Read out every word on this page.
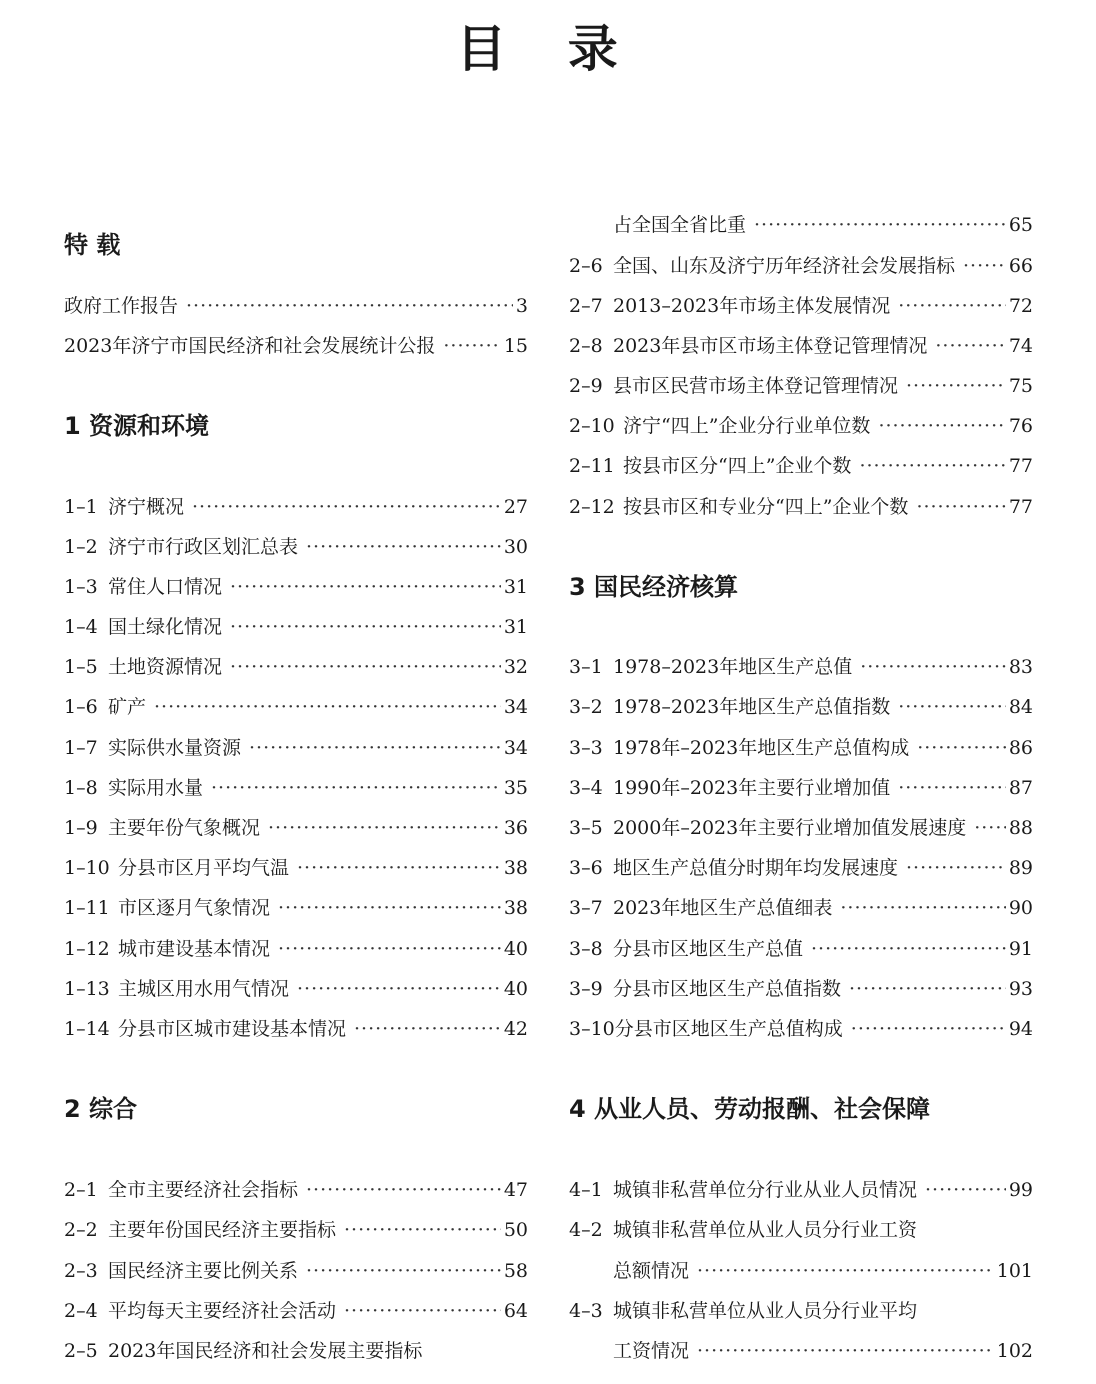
目 录
特 载
政府工作报告 ·····	3
2023年济宁市国民经济和社会发展统计公报 ·····	15
1 资源和环境
1–1 济宁概况 ·····	27
1–2 济宁市行政区划汇总表 ·····	30
1–3 常住人口情况 ·····	31
1–4 国土绿化情况 ·····	31
1–5 土地资源情况 ·····	32
1–6 矿产 ·····	34
1–7 实际供水量资源 ·····	34
1–8 实际用水量 ·····	35
1–9 主要年份气象概况 ·····	36
1–10 分县市区月平均气温 ·····	38
1–11 市区逐月气象情况 ·····	38
1–12 城市建设基本情况 ·····	40
1–13 主城区用水用气情况 ·····	40
1–14 分县市区城市建设基本情况 ·····	42
2 综合
2–1 全市主要经济社会指标 ·····	47
2–2 主要年份国民经济主要指标 ·····	50
2–3 国民经济主要比例关系 ·····	58
2–4 平均每天主要经济社会活动 ·····	64
2–5 2023年国民经济和社会发展主要指标
占全国全省比重 ·····	65
2–6 全国、山东及济宁历年经济社会发展指标 ·····	66
2–7 2013–2023年市场主体发展情况 ·····	72
2–8 2023年县市区市场主体登记管理情况 ·····	74
2–9 县市区民营市场主体登记管理情况 ·····	75
2–10 济宁“四上”企业分行业单位数 ·····	76
2–11 按县市区分“四上”企业个数 ·····	77
2–12 按县市区和专业分“四上”企业个数 ·····	77
3 国民经济核算
3–1 1978–2023年地区生产总值 ·····	83
3–2 1978–2023年地区生产总值指数 ·····	84
3–3 1978年–2023年地区生产总值构成 ·····	86
3–4 1990年–2023年主要行业增加值 ·····	87
3–5 2000年–2023年主要行业增加值发展速度 ····· 88
3–6 地区生产总值分时期年均发展速度 ·····	89
3–7 2023年地区生产总值细表 ·····	90
3–8 分县市区地区生产总值 ·····	91
3–9 分县市区地区生产总值指数 ·····	93
3–10 分县市区地区生产总值构成 ·····	94
4 从业人员、劳动报酬、社会保障
4–1 城镇非私营单位分行业从业人员情况 ·····	99
4–2 城镇非私营单位从业人员分行业工资
总额情况 ·····	101
4–3 城镇非私营单位从业人员分行业平均
工资情况 ·····	102
